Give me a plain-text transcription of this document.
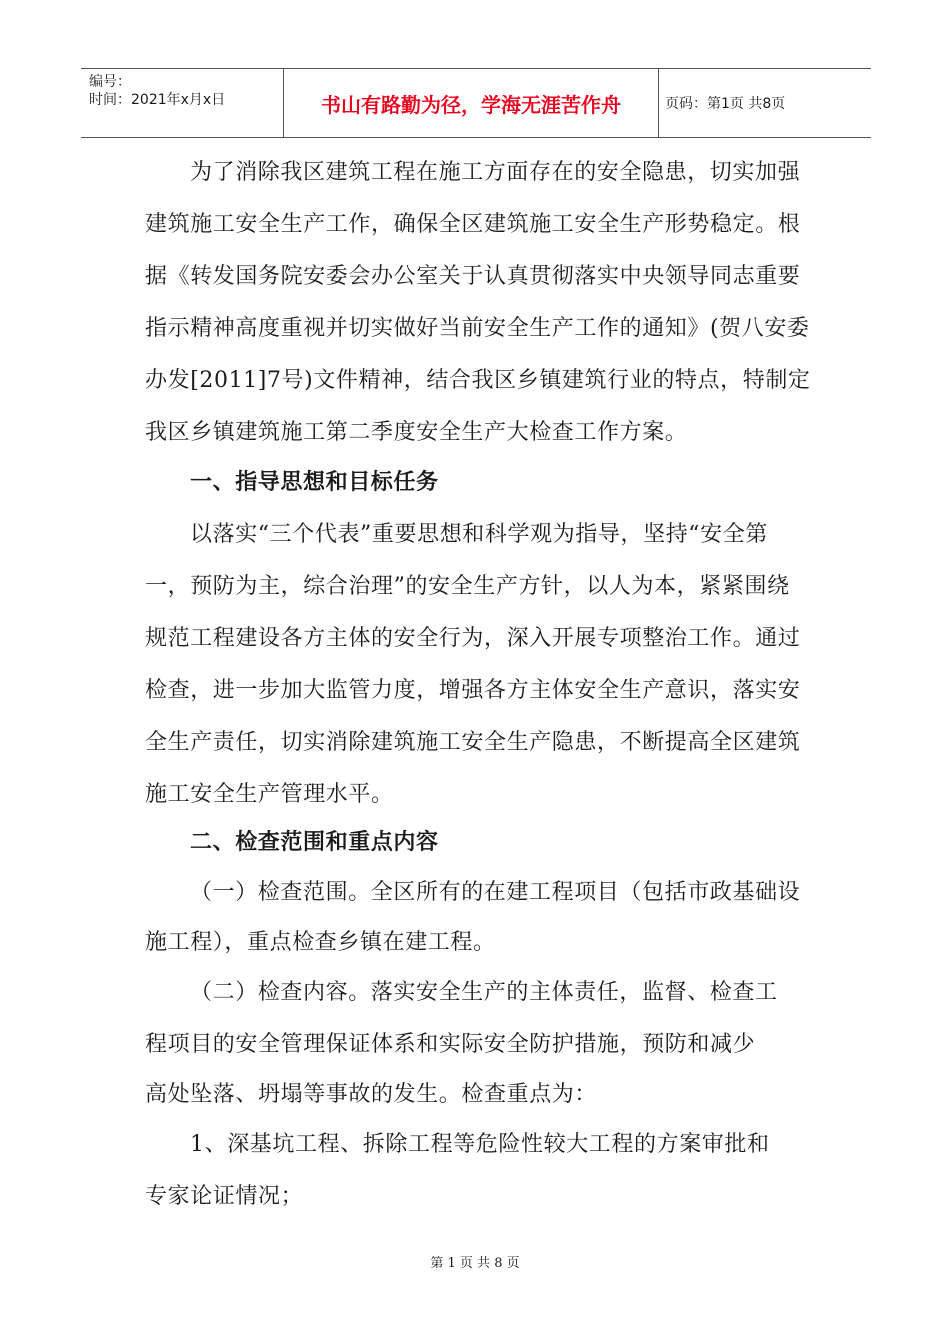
编号：
时间：2021年x月x日	书山有路勤为径，学海无涯苦作舟	页码：第1页 共8页
为了消除我区建筑工程在施工方面存在的安全隐患，切实加强
建筑施工安全生产工作，确保全区建筑施工安全生产形势稳定。根
据《转发国务院安委会办公室关于认真贯彻落实中央领导同志重要
指示精神高度重视并切实做好当前安全生产工作的通知》(贺八安委
办发[2011]7号)文件精神，结合我区乡镇建筑行业的特点，特制定
我区乡镇建筑施工第二季度安全生产大检查工作方案。
一、指导思想和目标任务
以落实“三个代表”重要思想和科学观为指导，坚持“安全第
一，预防为主，综合治理”的安全生产方针，以人为本，紧紧围绕
规范工程建设各方主体的安全行为，深入开展专项整治工作。通过
检查，进一步加大监管力度，增强各方主体安全生产意识，落实安
全生产责任，切实消除建筑施工安全生产隐患，不断提高全区建筑
施工安全生产管理水平。
二、检查范围和重点内容
（一）检查范围。全区所有的在建工程项目（包括市政基础设
施工程），重点检查乡镇在建工程。
（二）检查内容。落实安全生产的主体责任，监督、检查工
程项目的安全管理保证体系和实际安全防护措施，预防和减少
高处坠落、坍塌等事故的发生。检查重点为：
1、深基坑工程、拆除工程等危险性较大工程的方案审批和
专家论证情况；
第 1 页 共 8 页
